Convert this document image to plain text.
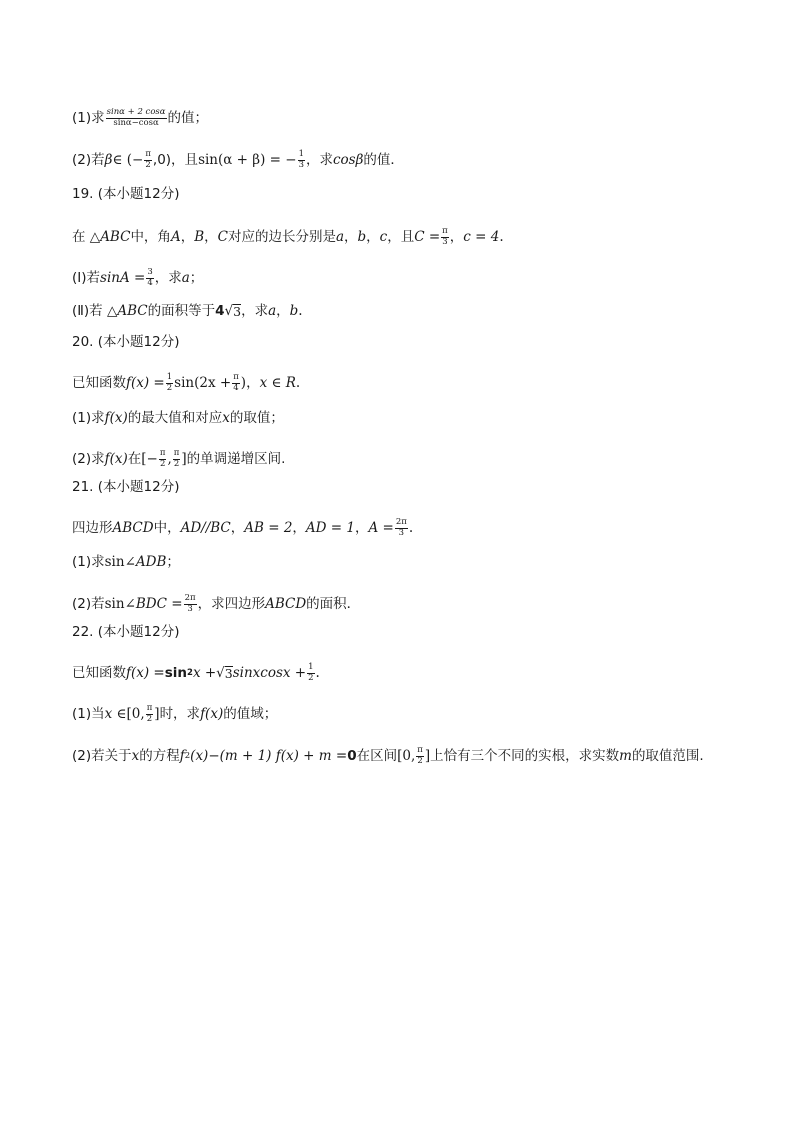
(1)求 $\frac{\sin\alpha + 2 \cos\alpha}{\sin\alpha-\cos\alpha}$ 的值；
(2)若 β ∈ (− $\frac{\pi}{2} ,0$)，且 sin(α + β) = − $\frac{1}{3}$ ，求 cosβ 的值．
19. (本小题12分)
在 △ ABC 中，角 A ， B ， C 对应的边长分别是 a ， b ， c ，且 $C = \frac{\pi}{3}$ ， c = 4 .
(Ⅰ)若 $\sin A = \frac{3}{4}$ ，求 a ；
(Ⅱ)若 △ ABC 的面积等于 4 √ 3 ，求 a ， b .
20. (本小题12分)
已知函数 $f(x) = \frac{1}{2} \sin(2x + \frac{\pi}{4}$ ) ， x ∈ R .
(1)求 f(x) 的最大值和对应 x 的取值；
(2)求 f(x) 在 [− $\frac{\pi}{2}$ , $\frac{\pi}{2}$ ] 的单调递增区间.
21. (本小题12分)
四边形 ABCD 中， AD//BC ， AB = 2 ， AD = 1 ， $A = \frac{2\pi}{3}$ .
(1)求 sin∠ ADB ；
(2)若 sin∠ BDC = $\frac{2\pi}{3}$ ，求四边形 ABCD 的面积．
22. (本小题12分)
已知函数 f(x) = sin 2 x + √ 3 sinxcosx + $\frac{1}{2}$ .
(1)当 x ∈ [0, $\frac{\pi}{2}$ ] 时，求 f(x) 的值域；
(2)若关于 x 的方程 f 2 (x)−(m + 1) f(x) + m = 0 在区间 [0, $\frac{\pi}{2}$ ] 上恰有三个不同的实根，求实数 m 的取值范围.
